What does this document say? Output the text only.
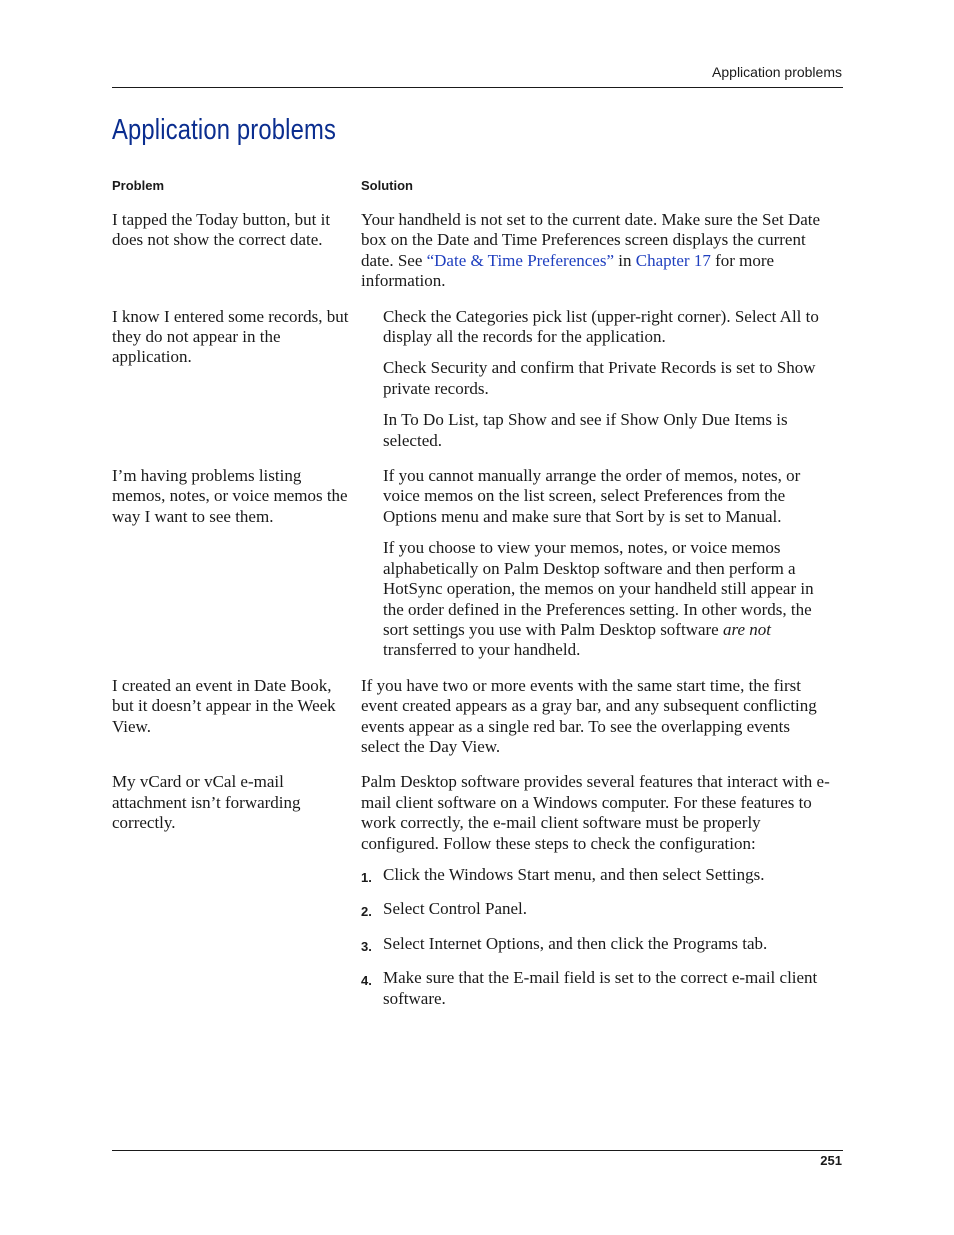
Application problems
Application problems
Problem	Solution
I tapped the Today button, but it does not show the correct date.

Your handheld is not set to the current date. Make sure the Set Date box on the Date and Time Preferences screen displays the current date. See “Date & Time Preferences” in Chapter 17 for more information.

I know I entered some records, but they do not appear in the application.

Check the Categories pick list (upper-right corner). Select All to display all the records for the application.

Check Security and confirm that Private Records is set to Show private records.

In To Do List, tap Show and see if Show Only Due Items is selected.

I’m having problems listing memos, notes, or voice memos the way I want to see them.

If you cannot manually arrange the order of memos, notes, or voice memos on the list screen, select Preferences from the Options menu and make sure that Sort by is set to Manual.

If you choose to view your memos, notes, or voice memos alphabetically on Palm Desktop software and then perform a HotSync operation, the memos on your handheld still appear in the order defined in the Preferences setting. In other words, the sort settings you use with Palm Desktop software are not transferred to your handheld.

I created an event in Date Book, but it doesn’t appear in the Week View.

If you have two or more events with the same start time, the first event created appears as a gray bar, and any subsequent conflicting events appear as a single red bar. To see the overlapping events select the Day View.

My vCard or vCal e-mail attachment isn’t forwarding correctly.

Palm Desktop software provides several features that interact with e-mail client software on a Windows computer. For these features to work correctly, the e-mail client software must be properly configured. Follow these steps to check the configuration:

1. Click the Windows Start menu, and then select Settings.
2. Select Control Panel.
3. Select Internet Options, and then click the Programs tab.
4. Make sure that the E-mail field is set to the correct e-mail client software.
251
